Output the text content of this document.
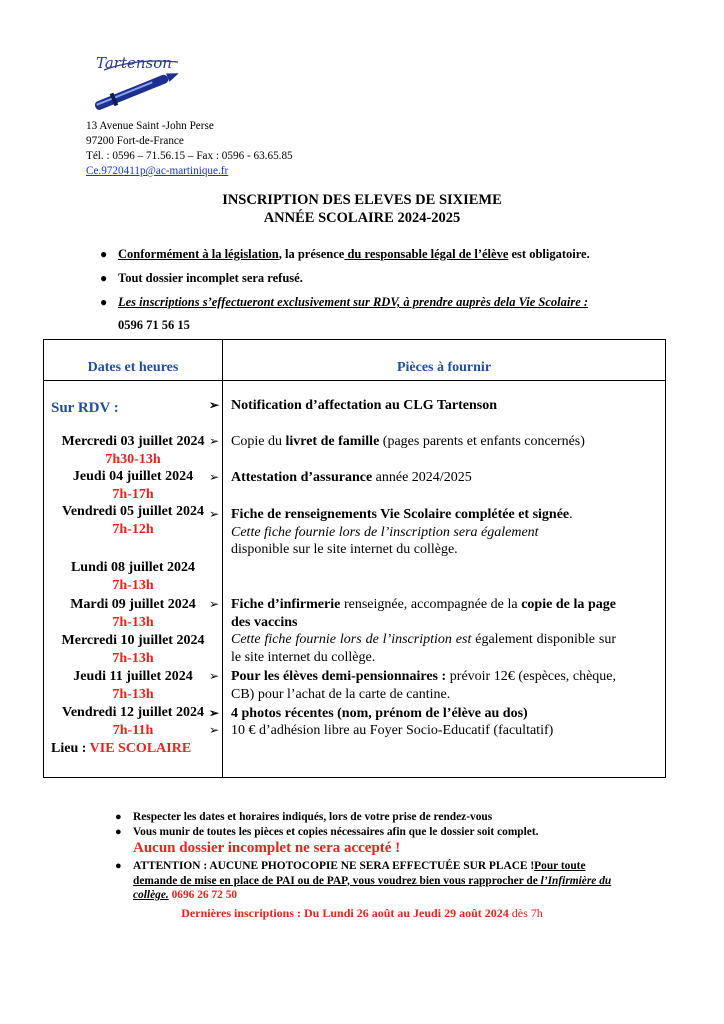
Tartenson
13 Avenue Saint -John Perse
97200 Fort-de-France
Tél. : 0596 – 71.56.15 – Fax : 0596 - 63.65.85
Ce.9720411p@ac-martinique.fr
INSCRIPTION DES ELEVES DE SIXIEME
ANNÉE SCOLAIRE 2024-2025
● Conformément à la législation, la présence du responsable légal de l’élève est obligatoire.
● Tout dossier incomplet sera refusé.
● Les inscriptions s’effectueront exclusivement sur RDV, à prendre auprès dela Vie Scolaire :
0596 71 56 15
Dates et heures	Pièces à fournir
Sur RDV :
Mercredi 03 juillet 2024
7h30-13h
Jeudi 04 juillet 2024
7h-17h
Vendredi 05 juillet 2024
7h-12h
Lundi 08 juillet 2024
7h-13h
Mardi 09 juillet 2024
7h-13h
Mercredi 10 juillet 2024
7h-13h
Jeudi 11 juillet 2024
7h-13h
Vendredi 12 juillet 2024
7h-11h
Lieu : VIE SCOLAIRE
➢ Notification d’affectation au CLG Tartenson
➢ Copie du livret de famille (pages parents et enfants concernés)
➢ Attestation d’assurance année 2024/2025
➢ Fiche de renseignements Vie Scolaire complétée et signée.
Cette fiche fournie lors de l’inscription sera également
disponible sur le site internet du collège.
➢ Fiche d’infirmerie renseignée, accompagnée de la copie de la page des vaccins
Cette fiche fournie lors de l’inscription est également disponible sur le site internet du collège.
➢ Pour les élèves demi-pensionnaires : prévoir 12€ (espèces, chèque, CB) pour l’achat de la carte de cantine.
➢ 4 photos récentes (nom, prénom de l’élève au dos)
➢ 10 € d’adhésion libre au Foyer Socio-Educatif (facultatif)
● Respecter les dates et horaires indiqués, lors de votre prise de rendez-vous
● Vous munir de toutes les pièces et copies nécessaires afin que le dossier soit complet.
Aucun dossier incomplet ne sera accepté !
● ATTENTION : AUCUNE PHOTOCOPIE NE SERA EFFECTUÉE SUR PLACE !Pour toute demande de mise en place de PAI ou de PAP, vous voudrez bien vous rapprocher de l’Infirmière du collège. 0696 26 72 50
Dernières inscriptions : Du Lundi 26 août au Jeudi 29 août 2024 dès 7h
